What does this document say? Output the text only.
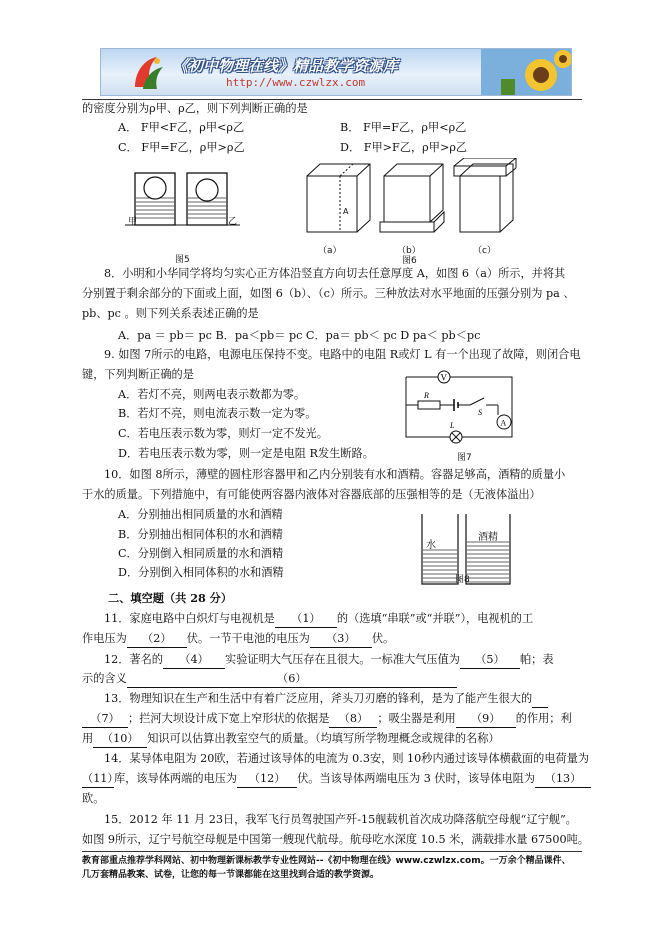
《初中物理在线》精品教学资源库
http://www.czwlzx.com
的密度分别为ρ甲、ρ乙，则下列判断正确的是
A． F甲<F乙，ρ甲<ρ乙	B． F甲=F乙，ρ甲<ρ乙
C． F甲=F乙，ρ甲>ρ乙	D． F甲>F乙，ρ甲>ρ乙
甲	乙
图5
A
（a）	（b）	（c）
图6
8．小明和小华同学将均匀实心正方体沿竖直方向切去任意厚度 A，如图 6（a）所示，并将其
分别置于剩余部分的下面或上面，如图 6（b）、（c）所示。三种放法对水平地面的压强分别为 pa 、
pb、pc 。则下列关系表述正确的是
A．pa ＝ pb＝ pc B．pa＜pb＝ pc C．pa＝ pb＜ pc D pa＜ pb＜pc
9. 如图 7所示的电路，电源电压保持不变。电路中的电阻 R或灯 L 有一个出现了故障，则闭合电
键，下列判断正确的是
A．若灯不亮，则两电表示数都为零。
B．若灯不亮，则电流表示数一定为零。
C．若电压表示数为零，则灯一定不发光。
D．若电压表示数为零，则一定是电阻 R发生断路。
V
A
R
S
L
图7
10．如图 8所示，薄壁的圆柱形容器甲和乙内分别装有水和酒精。容器足够高，酒精的质量小
于水的质量。下列措施中，有可能使两容器内液体对容器底部的压强相等的是（无液体溢出）
A．分别抽出相同质量的水和酒精
B．分别抽出相同体积的水和酒精
C．分别倒入相同质量的水和酒精
D．分别倒入相同体积的水和酒精
水
酒精
图8
二、填空题（共 28 分）
11．家庭电路中白炽灯与电视机是 （1） 的（选填“串联”或“并联”），电视机的工
作电压为 （2） 伏。一节干电池的电压为 （3） 伏。
12．著名的 （4） 实验证明大气压存在且很大。一标准大气压值为 （5） 帕；表
示的含义	（6）
13．物理知识在生产和生活中有着广泛应用，斧头刀刃磨的锋利，是为了能产生很大的
（7） ；拦河大坝设计成下宽上窄形状的依据是 （8） ；吸尘器是利用 （9） 的作用；利
用 （10） 知识可以估算出教室空气的质量。（均填写所学物理概念或规律的名称）
14．某导体电阻为 20欧，若通过该导体的电流为 0.3安，则 10秒内通过该导体横截面的电荷量为
（11）库，该导体两端的电压为 （12） 伏。当该导体两端电压为 3 伏时，该导体电阻为 （13）
欧。
15．2012 年 11 月 23日，我军飞行员驾驶国产歼-15舰载机首次成功降落航空母舰“辽宁舰”。
如图 9所示，辽宁号航空母舰是中国第一艘现代航母。航母吃水深度 10.5 米，满载排水量 67500吨。
教育部重点推荐学科网站、初中物理新课标教学专业性网站--《初中物理在线》www.czwlzx.com。一万余个精品课件、
几万套精品教案、试卷，让您的每一节课都能在这里找到合适的教学资源。
